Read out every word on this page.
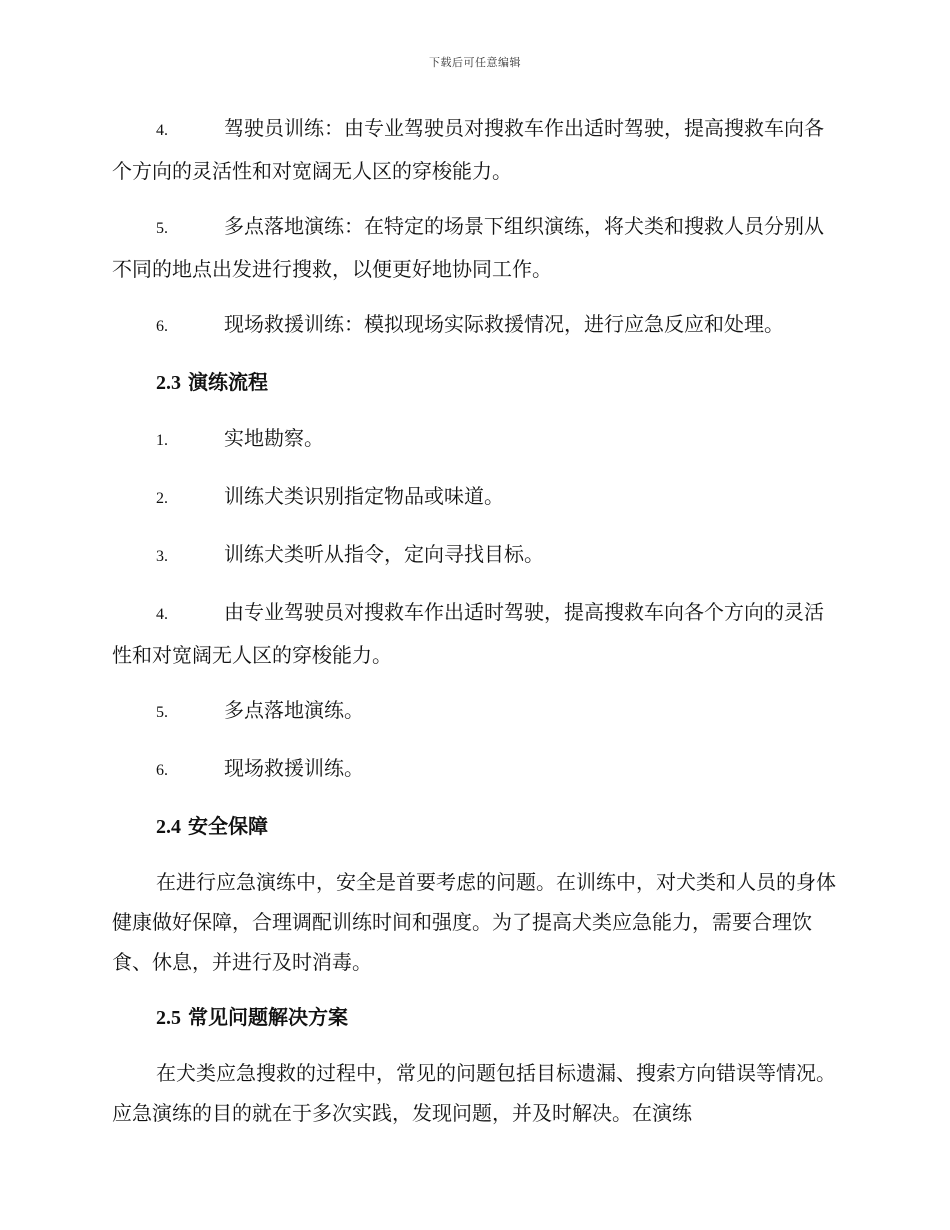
下载后可任意编辑
4.	驾驶员训练：由专业驾驶员对搜救车作出适时驾驶，提高搜救车向各个方向的灵活性和对宽阔无人区的穿梭能力。
5.	多点落地演练：在特定的场景下组织演练，将犬类和搜救人员分别从不同的地点出发进行搜救，以便更好地协同工作。
6.	现场救援训练：模拟现场实际救援情况，进行应急反应和处理。
2.3 演练流程
1.	实地勘察。
2.	训练犬类识别指定物品或味道。
3.	训练犬类听从指令，定向寻找目标。
4.	由专业驾驶员对搜救车作出适时驾驶，提高搜救车向各个方向的灵活性和对宽阔无人区的穿梭能力。
5.	多点落地演练。
6.	现场救援训练。
2.4 安全保障
在进行应急演练中，安全是首要考虑的问题。在训练中，对犬类和人员的身体健康做好保障，合理调配训练时间和强度。为了提高犬类应急能力，需要合理饮食、休息，并进行及时消毒。
2.5 常见问题解决方案
在犬类应急搜救的过程中，常见的问题包括目标遗漏、搜索方向错误等情况。应急演练的目的就在于多次实践，发现问题，并及时解决。在演练
